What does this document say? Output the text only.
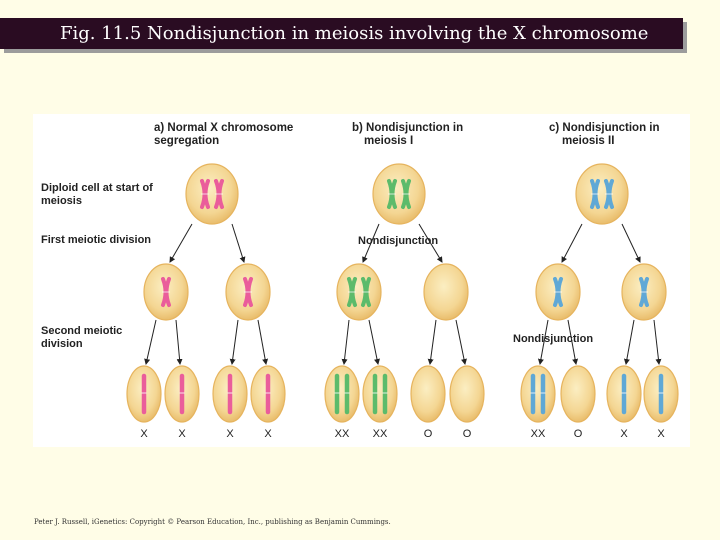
Fig. 11.5 Nondisjunction in meiosis involving the X chromosome
a) Normal X chromosome
segregation
b) Nondisjunction in
meiosis I
c) Nondisjunction in
meiosis II
Diploid cell at start of
meiosis
First meiotic division
Second meiotic
division
Nondisjunction
Nondisjunction
X	X	X	X	XX XX	O	O	XX	O	X	X
Peter J. Russell, iGenetics: Copyright © Pearson Education, Inc., publishing as Benjamin Cummings.
